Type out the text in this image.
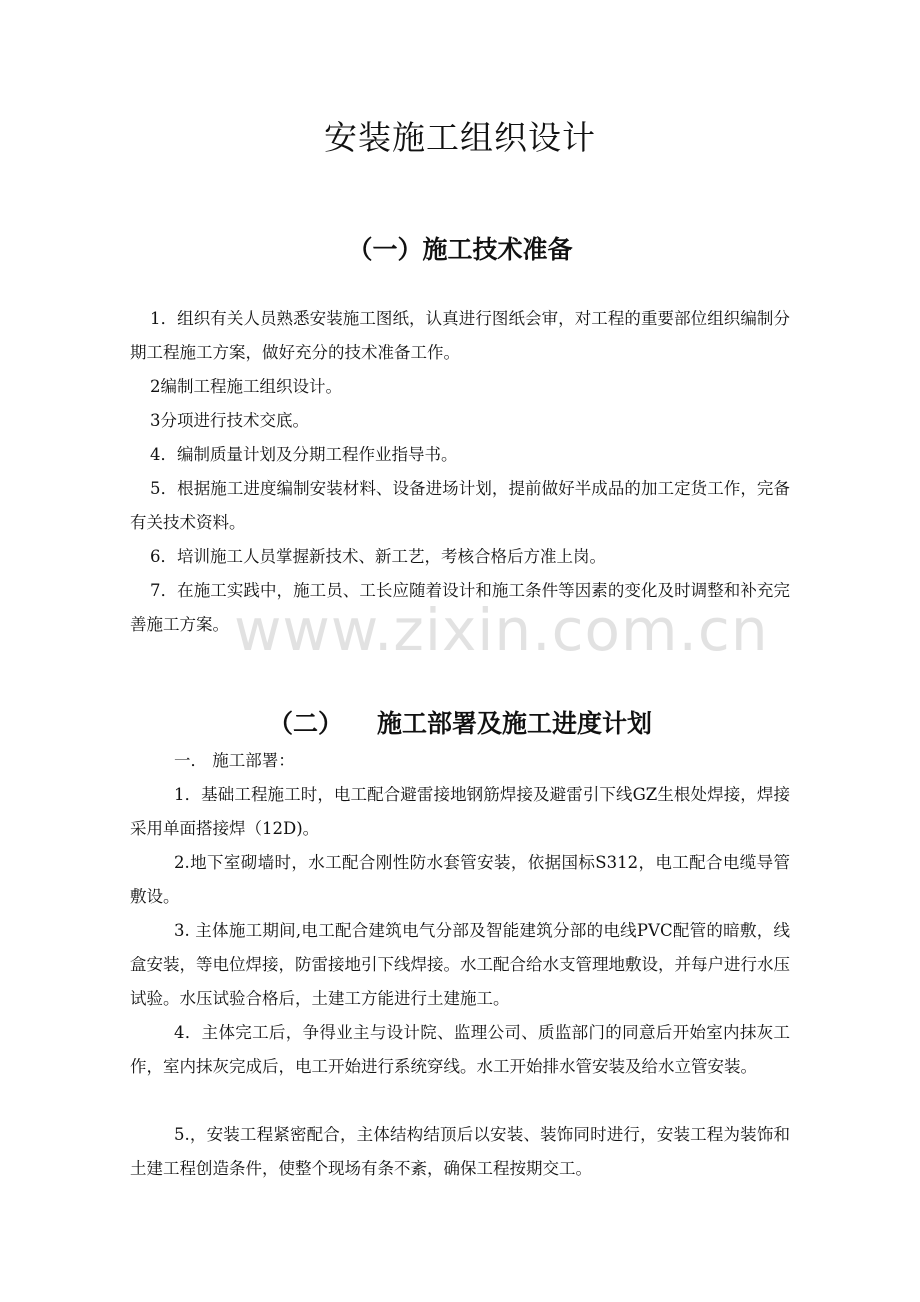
安装施工组织设计
（一）施工技术准备

1．组织有关人员熟悉安装施工图纸，认真进行图纸会审，对工程的重要部位组织编制分期工程施工方案，做好充分的技术准备工作。

2编制工程施工组织设计。

3分项进行技术交底。

4．编制质量计划及分期工程作业指导书。

5．根据施工进度编制安装材料、设备进场计划，提前做好半成品的加工定货工作，完备有关技术资料。

6．培训施工人员掌握新技术、新工艺，考核合格后方准上岗。

7．在施工实践中，施工员、工长应随着设计和施工条件等因素的变化及时调整和补充完善施工方案。 www.zixin.com.cn
（二） 施工部署及施工进度计划

一． 施工部署：

1．基础工程施工时，电工配合避雷接地钢筋焊接及避雷引下线GZ生根处焊接，焊接采用单面搭接焊（12D)。

2.地下室砌墙时，水工配合刚性防水套管安装，依据国标S312，电工配合电缆导管敷设。

3. 主体施工期间,电工配合建筑电气分部及智能建筑分部的电线PVC配管的暗敷，线盒安装，等电位焊接，防雷接地引下线焊接。水工配合给水支管理地敷设，并每户进行水压试验。水压试验合格后，土建工方能进行土建施工。

4．主体完工后，争得业主与设计院、监理公司、质监部门的同意后开始室内抹灰工作，室内抹灰完成后，电工开始进行系统穿线。水工开始排水管安装及给水立管安装。

5.，安装工程紧密配合，主体结构结顶后以安装、装饰同时进行，安装工程为装饰和土建工程创造条件，使整个现场有条不紊，确保工程按期交工。
